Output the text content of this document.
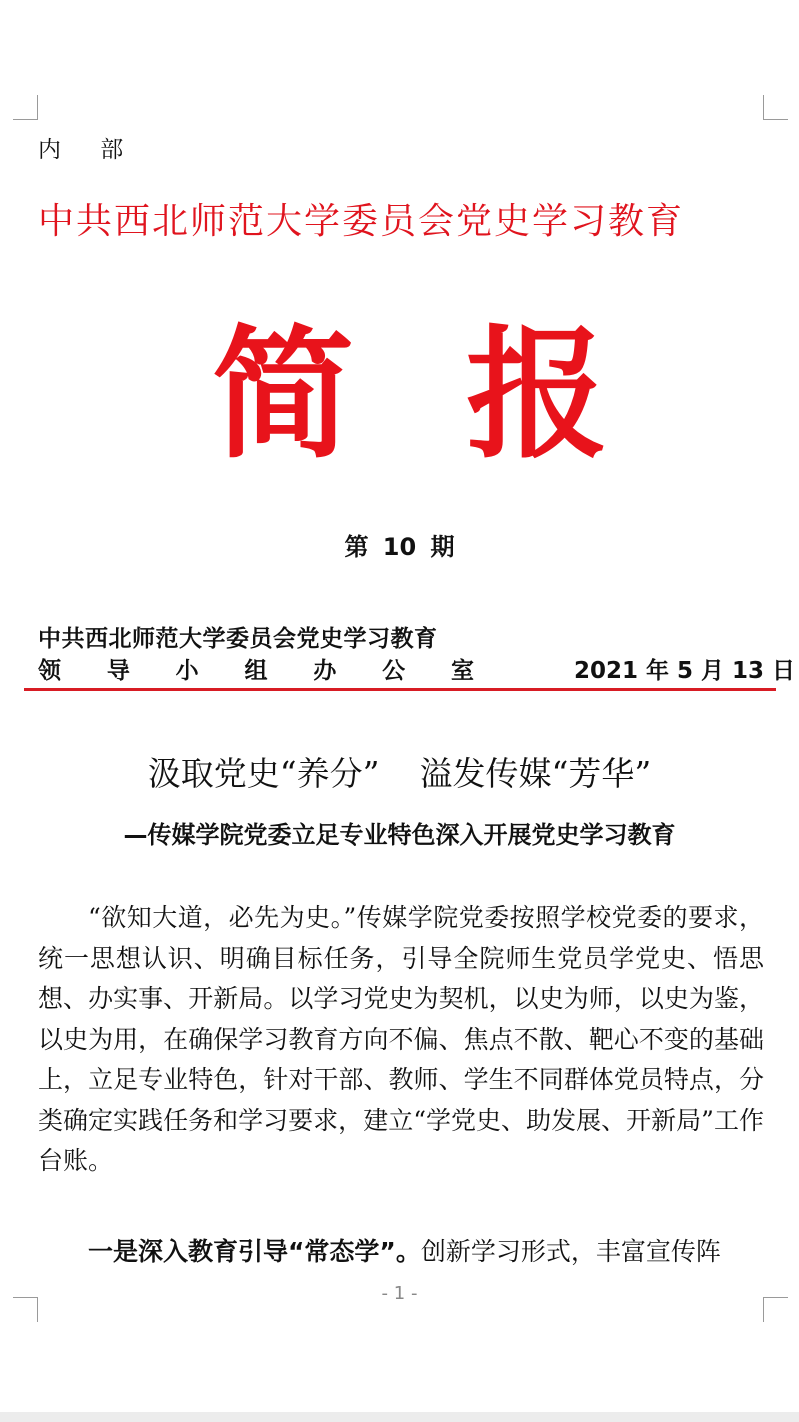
内 部
中共西北师范大学委员会党史学习教育
简 报
第 10 期
中共西北师范大学委员会党史学习教育
领 导 小 组 办 公 室	2021 年 5 月 13 日
汲取党史“养分” 溢发传媒“芳华”
—传媒学院党委立足专业特色深入开展党史学习教育

“欲知大道，必先为史。”传媒学院党委按照学校党委的要求，统一思想认识、明确目标任务，引导全院师生党员学党史、悟思想、办实事、开新局。以学习党史为契机，以史为师，以史为鉴，以史为用，在确保学习教育方向不偏、焦点不散、靶心不变的基础上，立足专业特色，针对干部、教师、学生不同群体党员特点，分类确定实践任务和学习要求，建立“学党史、助发展、开新局”工作台账。

一是深入教育引导“常态学”。创新学习形式，丰富宣传阵

- 1 -
